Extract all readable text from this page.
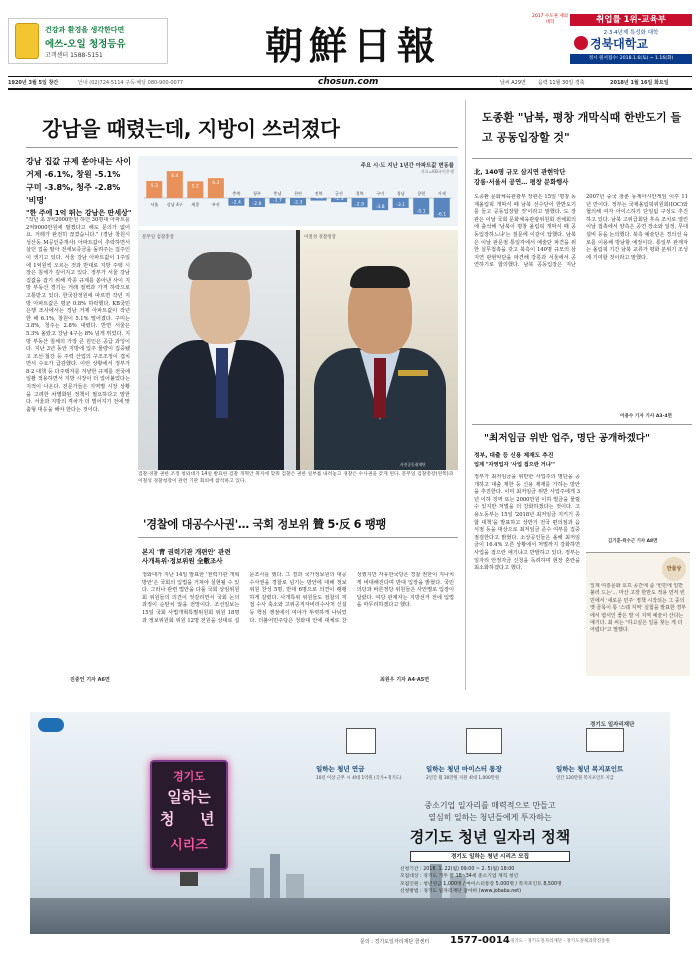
건강과 환경을 생각한다면
에쓰-오일 청정등유
고객센터 1588-5151	朝鮮日報
2017 수도권 제외 대학	취업률 1위-교육부
2·3·4년제 특성화 대학
경북대학교
정시 원서접수: 2018.1.6(토) ~ 1.16(화)
1920년 3월 5일 창간	안내 (02)724-5114 구독·배달 080-900-0077	chosun.com	날씨 A29면 음력 11월 30일 경축	2018년 1월 16일 화요일
강남을 때렸는데, 지방이 쓰러졌다
강남 집값 규제 쏟아내는 사이
거제 -6.1%, 창원 -5.1%
구미 -3.8%, 청주 -2.8% '비명'
"한 주에 1억 뛰는 강남은 딴세상"
"작년 초 3억2000만원 하던 30평대 아파트를 2억9000만원에 팔겠다고 해도 문의가 없어요. 거래가 완전히 끊겼습니다." (경남 창원시 성산동 M공인중개사) 아파트값이 추락하면서 살던 집을 팔아 전세보증금을 돌려주는 집주인이 생기고 있다. 서울 강남 아파트값이 1주일에 1억원씩 오르는 것과 반대로 지방 주택 시장은 침체가 깊어지고 있다. 정부가 서울 강남 집값을 잡기 위해 각종 규제를 쏟아낸 사이 지방 부동산 경기는 거래 절벽과 가격 하락으로 고통받고 있다. 한국감정원에 따르면 작년 지방 아파트값은 평균 0.8% 하락했다. KB국민은행 조사에서는 경남 거제 아파트값이 작년 한 해 6.1%, 창원이 5.1% 떨어졌다. 구미는 3.8%, 청주는 2.8% 내렸다. 반면 서울은 5.3% 올랐고 강남 4구는 8% 넘게 뛰었다. 지방 부동산 침체의 가장 큰 원인은 공급 과잉이다. 지난 3년 동안 지방에 입주 물량이 집중됐고 조선·철강 등 주력 산업의 구조조정이 겹치면서 수요가 급감했다. 이런 상황에서 정부가 8·2 대책 등 다주택자를 겨냥한 규제를 전국에 일괄 적용하면서 지방 시장이 더 얼어붙었다는 지적이 나온다. 전문가들은 지역별 시장 상황을 고려한 차별화된 정책이 필요하다고 말한다. 서울과 지방의 격차가 더 벌어지기 전에 맞춤형 대응을 해야 한다는 것이다.
진중언 기자 A6면
주요 시·도 지난 1년간 아파트값 변동률
자료=KB국민은행
5.3
서울
8.4
강남 4구
5.2
세종
6.2
부산	-2.4
충북
-2.8
청주
-1.7
충남
-2.3
천안
-0.8
전북
-1.3
군산
-2.9
경북
-3.8
구미
-3.1
경남
-5.1
창원
-6.1
거제
문무일 검찰총장	이철성 경찰청장
사진공동취재단
검찰·경찰 권한 조정 청와대가 14일 발표한 검찰 개혁안 취지에 맞춰 검찰은 권한 일부를 내려놓고 경찰은 수사권을 갖게 된다. 문무일 검찰총장(왼쪽)과 이철성 경찰청장이 관련 기관 회의에 참석하고 있다.
'경찰에 대공수사권'… 국회 정보위 贊 5·反 6 팽팽
본지 '靑 권력기관 개편안' 관련
사개특위·정보위원 全數조사
청와대가 지난 14일 발표한 '권력기관 개혁 방안'은 국회의 입법을 거쳐야 실현될 수 있다. 그러나 관련 법안을 다룰 국회 상임위원회 위원들의 의견이 엇갈리면서 국회 논의 과정이 순탄치 않을 전망이다. 조선일보는 15일 국회 사법개혁특별위원회 위원 18명과 정보위원회 위원 12명 전원을 상대로 설문조사를 했다. 그 결과 국가정보원의 대공 수사권을 경찰로 넘기는 방안에 대해 정보위원 찬성 5명, 반대 6명으로 의견이 팽팽하게 갈렸다. 사개특위 위원들도 검찰의 직접 수사 축소와 고위공직자비리수사처 신설 등 핵심 쟁점에서 여야가 뚜렷하게 나뉘었다. 더불어민주당은 청와대 안에 대체로 찬성했지만 자유한국당은 경찰 권한이 지나치게 비대해진다며 반대 입장을 밝혔다. 국민의당과 바른정당 위원들은 사안별로 입장이 달랐다. 여당 관계자는 지방선거 전에 입법을 마무리하겠다고 했다.
최원우 기자 A4·A5면
도종환 "남북, 평창 개막식때 한반도기 들고 공동입장할 것"
北, 140명 규모 삼지연 관현악단
강릉·서울서 공연… 평창 문화행사
도종환 문화체육관광부 장관은 15일 '평창 동계올림픽 개막식 때 남북 선수단이 한반도기를 들고 공동입장할 것'이라고 말했다. 도 장관은 이날 국회 문화체육관광위원회 전체회의에 출석해 '남북이 평창 올림픽 개막식 때 공동입장하느냐'는 질문에 이같이 답했다. 남북은 이날 판문점 통일각에서 예술단 파견을 위한 실무접촉을 갖고 북측이 140명 규모의 삼지연 관현악단을 파견해 강릉과 서울에서 공연하기로 합의했다. 남북 공동입장은 지난 2007년 중국 창춘 동계아시안게임 이후 11년 만이다. 정부는 국제올림픽위원회(IOC)와 협의해 여자 아이스하키 단일팀 구성도 추진하고 있다. 남북 고위급회담 후속 조치로 열린 이날 접촉에서 양측은 공연 장소와 일정, 무대 설비 등을 논의했다. 북측 예술단은 경의선 육로를 이용해 방남할 예정이다. 통일부 관계자는 올림픽 기간 남북 교류가 평화 분위기 조성에 기여할 것이라고 말했다.
이용수 기자 기사 A3·4면
"최저임금 위반 업주, 명단 공개하겠다"
정부, 대출 등 신용 제재도 추진
업계 "자영업자 '사업 접으란 거냐'"
정부가 최저임금을 위반한 사업주의 명단을 공개하고 대출 제한 등 신용 제재를 가하는 방안을 추진한다. 이미 최저임금 위반 사업주에게 3년 이하 징역 또는 2000만원 이하 벌금을 물릴 수 있지만 처벌을 더 강화하겠다는 것이다. 고용노동부는 15일 '2018년 최저임금 지키기 종합 대책'을 발표하고 상반기 전국 편의점과 음식점 등을 대상으로 최저임금 준수 여부를 집중 점검한다고 밝혔다. 소상공인들은 올해 최저임금이 16.4% 오른 상황에서 처벌까지 강화하면 사업을 접으란 얘기냐고 반발하고 있다. 정부는 일자리 안정자금 신청을 독려하며 현장 혼란을 최소화하겠다고 했다.
김기훈·곽수근 기자 A8면
만물상
일제 여흥문화 호프 공간에 좀 '빈민에 일반 불러 드는'… 마산 고장 한반도 적용 먼저 빈민에서 '새로운 민주' 정책 시작되는 그 중의 옛 골목이 통 '스웨 지역' 실험을 발표한 경부에서 엽서인 좋은 말 이 지역 예술이 산다는 얘기다. 최 씨는 "하고싶은 일을 찾는 게 더 어렵다"고 말했다.
경기도 일자리재단
경기도
일하는
청 년
시리즈
일하는 청년 연금
10년 이상 근무 시 최대 1억원 (국가+경기도)
일하는 청년 마이스터 통장
2년간 월 30만원 지원 최대 1,000만원
일하는 청년 복지포인트
연간 120만원 복지포인트 지급
중소기업 일자리를 매력적으로 만들고
열심히 일하는 청년들에게 투자하는
경기도 청년 일자리 정책
경기도 일하는 청년 시리즈 모집
신청기간 : 2018. 1. 22(월) 09:00 ~ 2. 5(월) 18:00
모집대상 : 경기도 거주 만 18~34세 중소기업 재직 청년
모집인원 : 청년연금 1,000명 / 마이스터통장 5,000명 / 복지포인트 8,500명
신청방법 : 경기도 일자리재단 잡아바 (www.jobaba.net)
문의 : 경기도일자리재단 콜센터 1577-0014 경기도 · 경기도일자리재단 · 경기도경제과학진흥원
